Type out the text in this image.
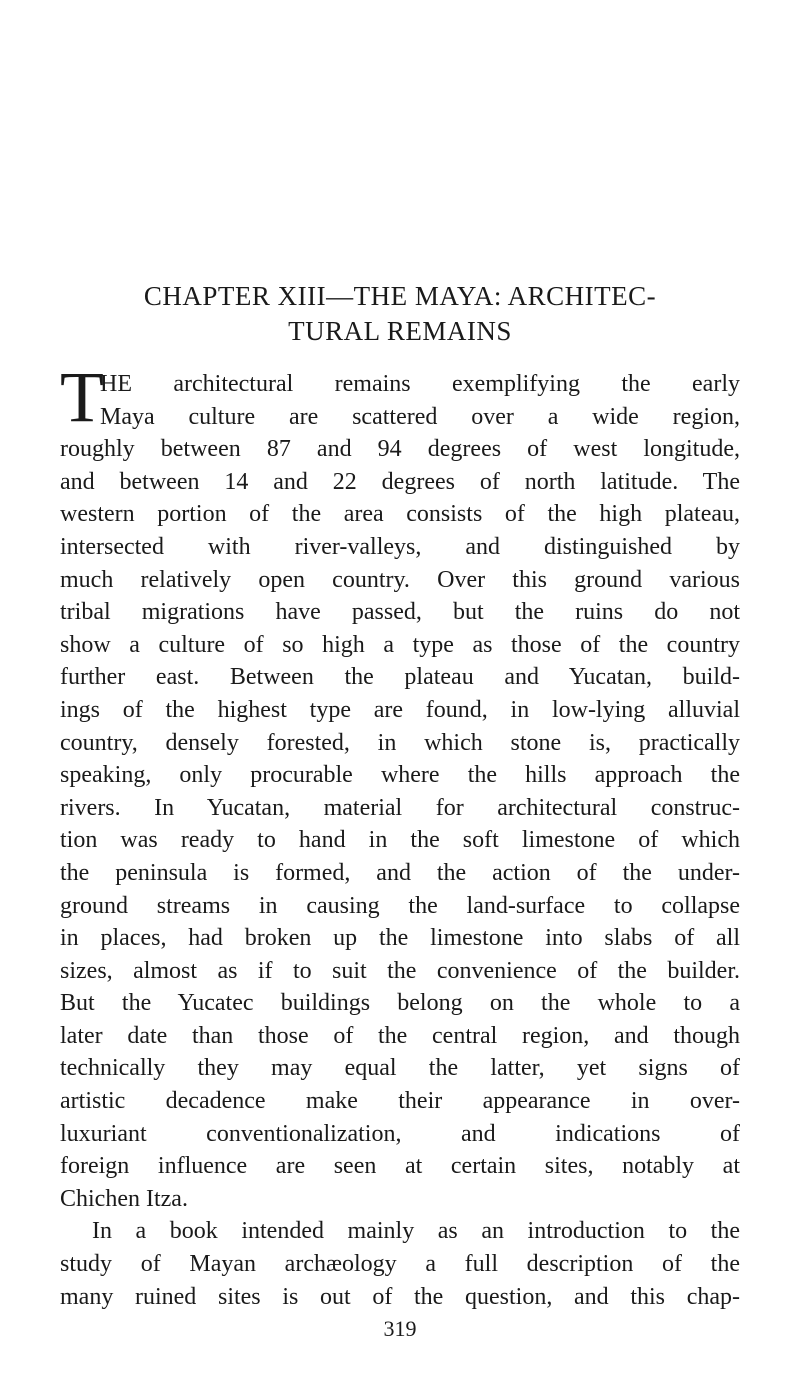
CHAPTER XIII—THE MAYA: ARCHITEC-
TURAL REMAINS
T
HE architectural remains exemplifying the early
Maya culture are scattered over a wide region,
roughly between 87 and 94 degrees of west longitude,
and between 14 and 22 degrees of north latitude. The
western portion of the area consists of the high plateau,
intersected with river-valleys, and distinguished by
much relatively open country. Over this ground various
tribal migrations have passed, but the ruins do not
show a culture of so high a type as those of the country
further east. Between the plateau and Yucatan, build-
ings of the highest type are found, in low-lying alluvial
country, densely forested, in which stone is, practically
speaking, only procurable where the hills approach the
rivers. In Yucatan, material for architectural construc-
tion was ready to hand in the soft limestone of which
the peninsula is formed, and the action of the under-
ground streams in causing the land-surface to collapse
in places, had broken up the limestone into slabs of all
sizes, almost as if to suit the convenience of the builder.
But the Yucatec buildings belong on the whole to a
later date than those of the central region, and though
technically they may equal the latter, yet signs of
artistic decadence make their appearance in over-
luxuriant conventionalization, and indications of
foreign influence are seen at certain sites, notably at
Chichen Itza.
In a book intended mainly as an introduction to the
study of Mayan archæology a full description of the
many ruined sites is out of the question, and this chap-
319
